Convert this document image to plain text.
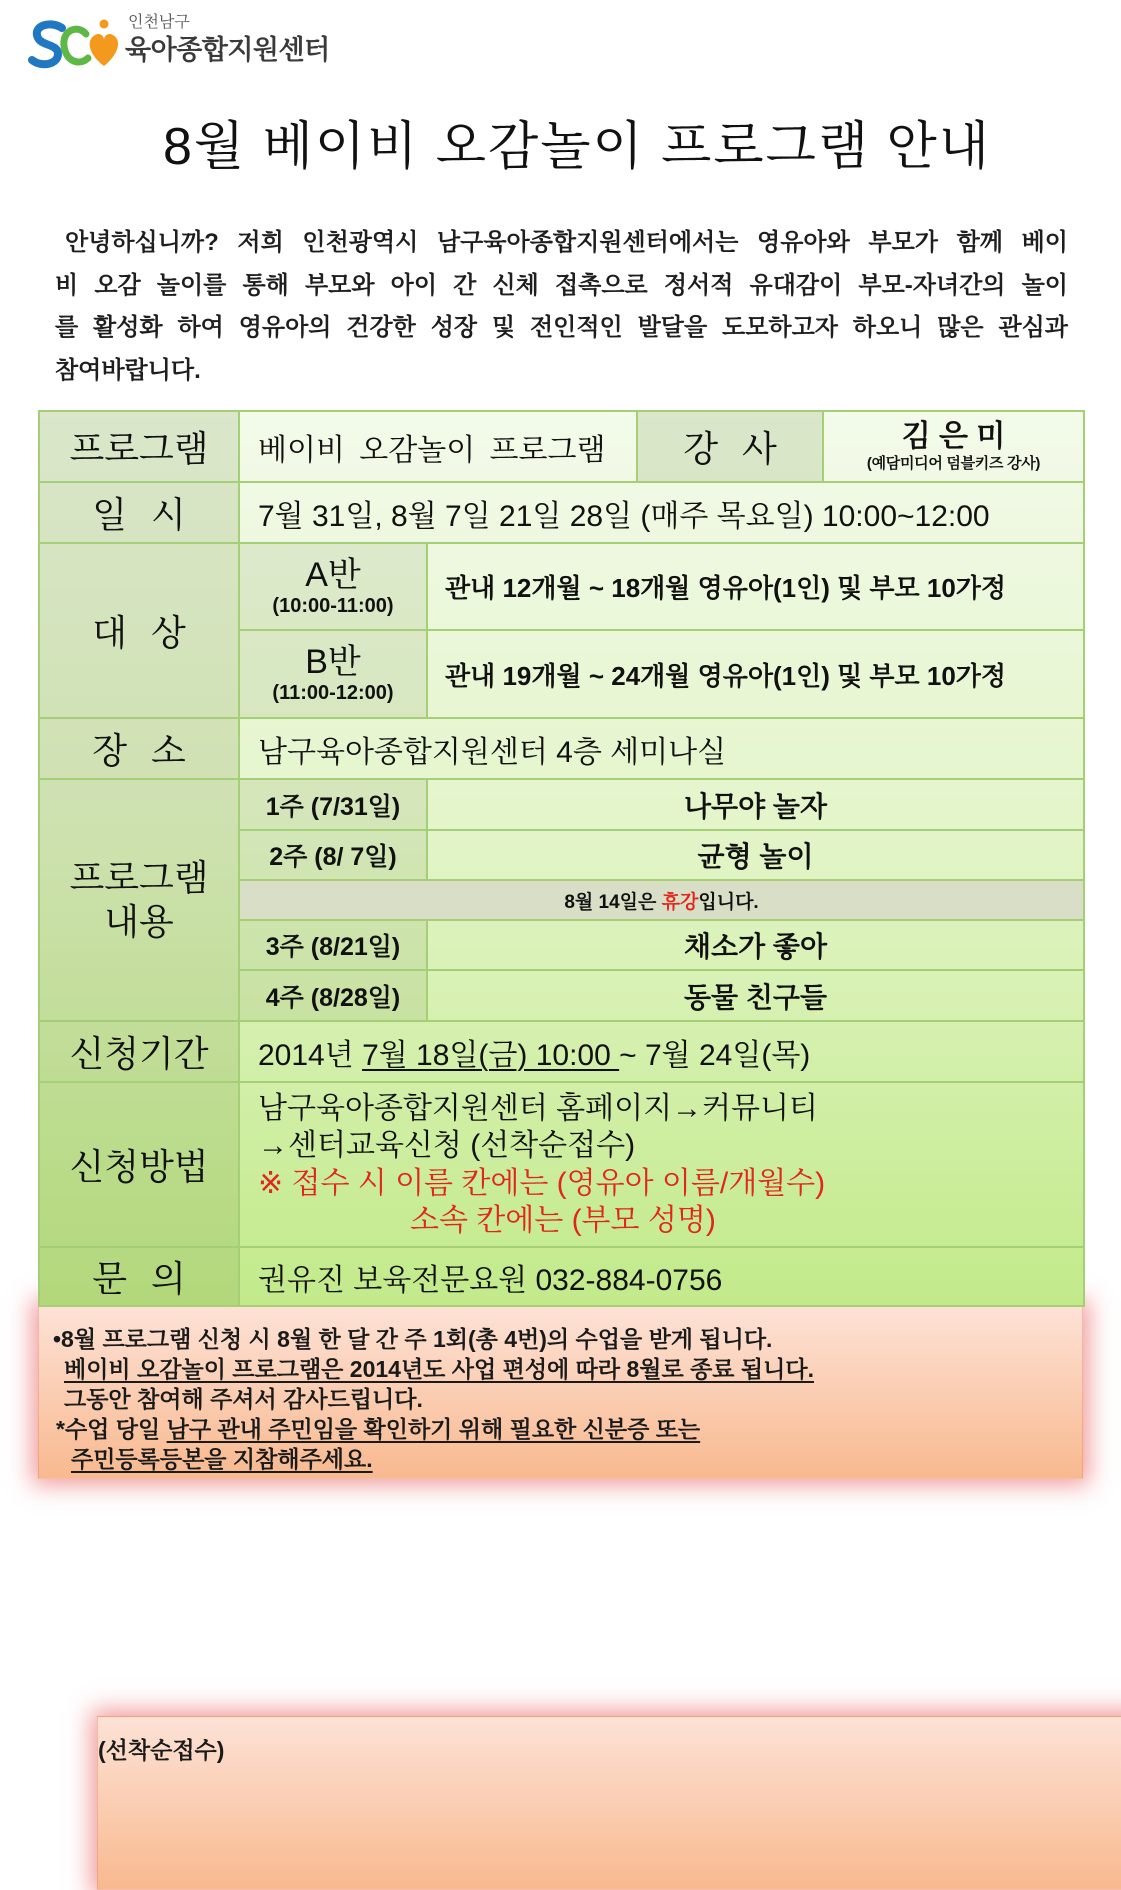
인천남구
육아종합지원센터
8월 베이비 오감놀이 프로그램 안내
안녕하십니까? 저희 인천광역시 남구육아종합지원센터에서는 영유아와 부모가 함께 베이
비 오감 놀이를 통해 부모와 아이 간 신체 접촉으로 정서적 유대감이 부모-자녀간의 놀이
를 활성화 하여 영유아의 건강한 성장 및 전인적인 발달을 도모하고자 하오니 많은 관심과
참여바랍니다.
프로그램	베이비 오감놀이 프로그램		강 사	김 은 미
(예담미디어 덤블키즈 강사)

일 시	7월 31일, 8월 7일 21일 28일 (매주 목요일) 10:00~12:00			
대 상	A반
(10:00-11:00)	관내 12개월 ~ 18개월 영유아(1인) 및 부모 10가정		

	B반
(11:00-12:00)	관내 19개월 ~ 24개월 영유아(1인) 및 부모 10가정		
장 소	남구육아종합지원센터 4층 세미나실			

프로그램
내용	1주 (7/31일)	나무야 놀자		
	2주 (8/ 7일)	균형 놀이		
	8월 14일은 휴강입니다.			
	3주 (8/21일)	채소가 좋아		
	4주 (8/28일)	동물 친구들		
신청기간	2014년 7월 18일(금) 10:00 ~ 7월 24일(목)
(선착순접수)			

신청방법	남구육아종합지원센터 홈페이지→커뮤니티
→센터교육신청 (선착순접수)
※ 접수 시 이름 칸에는 (영유아 이름/개월수)
소속 칸에는 (부모 성명)			

문 의	권유진 보육전문요원 032-884-0756			
•8월 프로그램 신청 시 8월 한 달 간 주 1회(총 4번)의 수업을 받게 됩니다.
베이비 오감놀이 프로그램은 2014년도 사업 편성에 따라 8월로 종료 됩니다.
그동안 참여해 주셔서 감사드립니다.
*수업 당일 남구 관내 주민임을 확인하기 위해 필요한 신분증 또는
주민등록등본을 지참해주세요.
